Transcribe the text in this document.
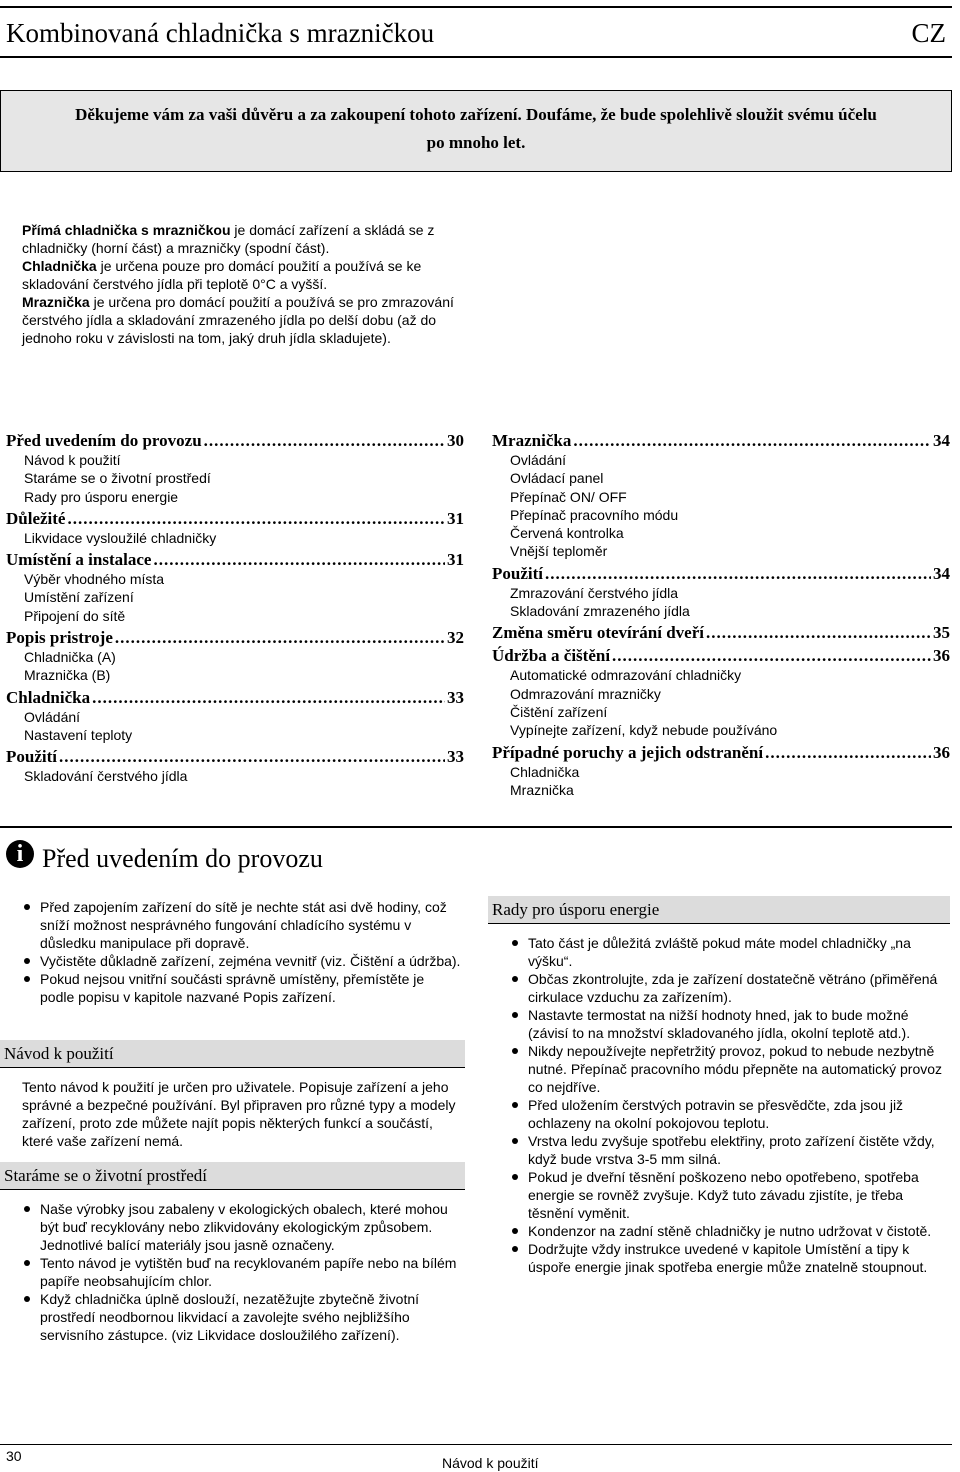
Kombinovaná chladnička s mrazničkou	CZ
Děkujeme vám za vaši důvěru a za zakoupení tohoto zařízení. Doufáme, že bude spolehlivě sloužit svému účelu
po mnoho let.

Přímá chladnička s mrazničkou je domácí zařízení a skládá se z chladničky (horní část) a mrazničky (spodní část).

Chladnička je určena pouze pro domácí použití a používá se ke skladování čerstvého jídla při teplotě 0°C a vyšší.

Mraznička je určena pro domácí použití a používá se pro zmrazování čerstvého jídla a skladování zmrazeného jídla po delší dobu (až do jednoho roku v závislosti na tom, jaký druh jídla skladujete).

Před uvedením do provozu .....	30
Návod k použití
Staráme se o životní prostředí
Rady pro úsporu energie
Důležité .....	31
Likvidace vysloužilé chladničky
Umístění a instalace .....	31
Výběr vhodného místa
Umístění zařízení
Připojení do sítě
Popis pristroje .....	32
Chladnička (A)
Mraznička (B)
Chladnička .....	33
Ovládání
Nastavení teploty
Použití .....	33
Skladování čerstvého jídla
Mraznička .....	34
Ovládání
Ovládací panel
Přepínač ON/ OFF
Přepínač pracovního módu
Červená kontrolka
Vnější teploměr
Použití .....	34
Zmrazování čerstvého jídla
Skladování zmrazeného jídla
Změna směru otevírání dveří .....	35
Údržba a čištění .....	36
Automatické odmrazování chladničky
Odmrazování mrazničky
Čištění zařízení
Vypínejte zařízení, když nebude používáno
Případné poruchy a jejich odstranění .....	36
Chladnička
Mraznička
i Před uvedením do provozu
Před zapojením zařízení do sítě je nechte stát asi dvě hodiny, což sníží možnost nesprávného fungování chladícího systému v důsledku manipulace při dopravě.
Vyčistěte důkladně zařízení, zejména vevnitř (viz. Čištění a údržba).
Pokud nejsou vnitřní součásti správně umístěny, přemístěte je podle popisu v kapitole nazvané Popis zařízení.
Návod k použití

Tento návod k použití je určen pro uživatele. Popisuje zařízení a jeho správné a bezpečné používání. Byl připraven pro různé typy a modely zařízení, proto zde můžete najít popis některých funkcí a součástí, které vaše zařízení nemá.

Staráme se o životní prostředí
Naše výrobky jsou zabaleny v ekologických obalech, které mohou být buď recyklovány nebo zlikvidovány ekologickým způsobem. Jednotlivé balící materiály jsou jasně označeny.
Tento návod je vytištěn buď na recyklovaném papíře nebo na bílém papíře neobsahujícím chlor.
Když chladnička úplně doslouží, nezatěžujte zbytečně životní prostředí neodbornou likvidací a zavolejte svého nejbližšího servisního zástupce. (viz Likvidace dosloužilého zařízení).
Rady pro úsporu energie
Tato část je důležitá zvláště pokud máte model chladničky „na výšku“.
Občas zkontrolujte, zda je zařízení dostatečně větráno (přiměřená cirkulace vzduchu za zařízením).
Nastavte termostat na nižší hodnoty hned, jak to bude možné (závisí to na množství skladovaného jídla, okolní teplotě atd.).
Nikdy nepoužívejte nepřetržitý provoz, pokud to nebude nezbytně nutné. Přepínač pracovního módu přepněte na automatický provoz co nejdříve.
Před uložením čerstvých potravin se přesvědčte, zda jsou již ochlazeny na okolní pokojovou teplotu.
Vrstva ledu zvyšuje spotřebu elektřiny, proto zařízení čistěte vždy, když bude vrstva 3-5 mm silná.
Pokud je dveřní těsnění poškozeno nebo opotřebeno, spotřeba energie se rovněž zvyšuje. Když tuto závadu zjistíte, je třeba těsnění vyměnit.
Kondenzor na zadní stěně chladničky je nutno udržovat v čistotě.
Dodržujte vždy instrukce uvedené v kapitole Umístění a tipy k úspoře energie jinak spotřeba energie může znatelně stoupnout.
30	Návod k použití
